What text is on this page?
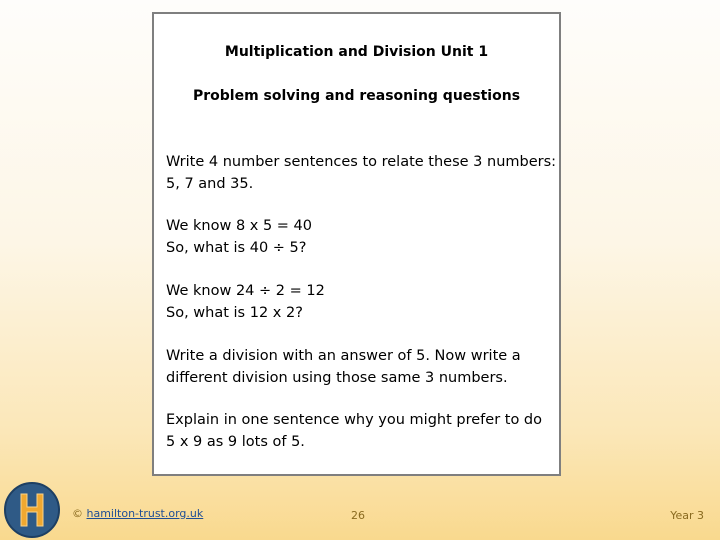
Multiplication and Division Unit 1
Problem solving and reasoning questions
Write 4 number sentences to relate these 3 numbers:
5, 7 and 35.
We know 8 x 5 = 40
So, what is 40 ÷ 5?
We know 24 ÷ 2 = 12
So, what is 12 x 2?
Write a division with an answer of 5. Now write a
different division using those same 3 numbers.
Explain in one sentence why you might prefer to do
5 x 9 as 9 lots of 5.
© hamilton-trust.org.uk	26	Year 3
